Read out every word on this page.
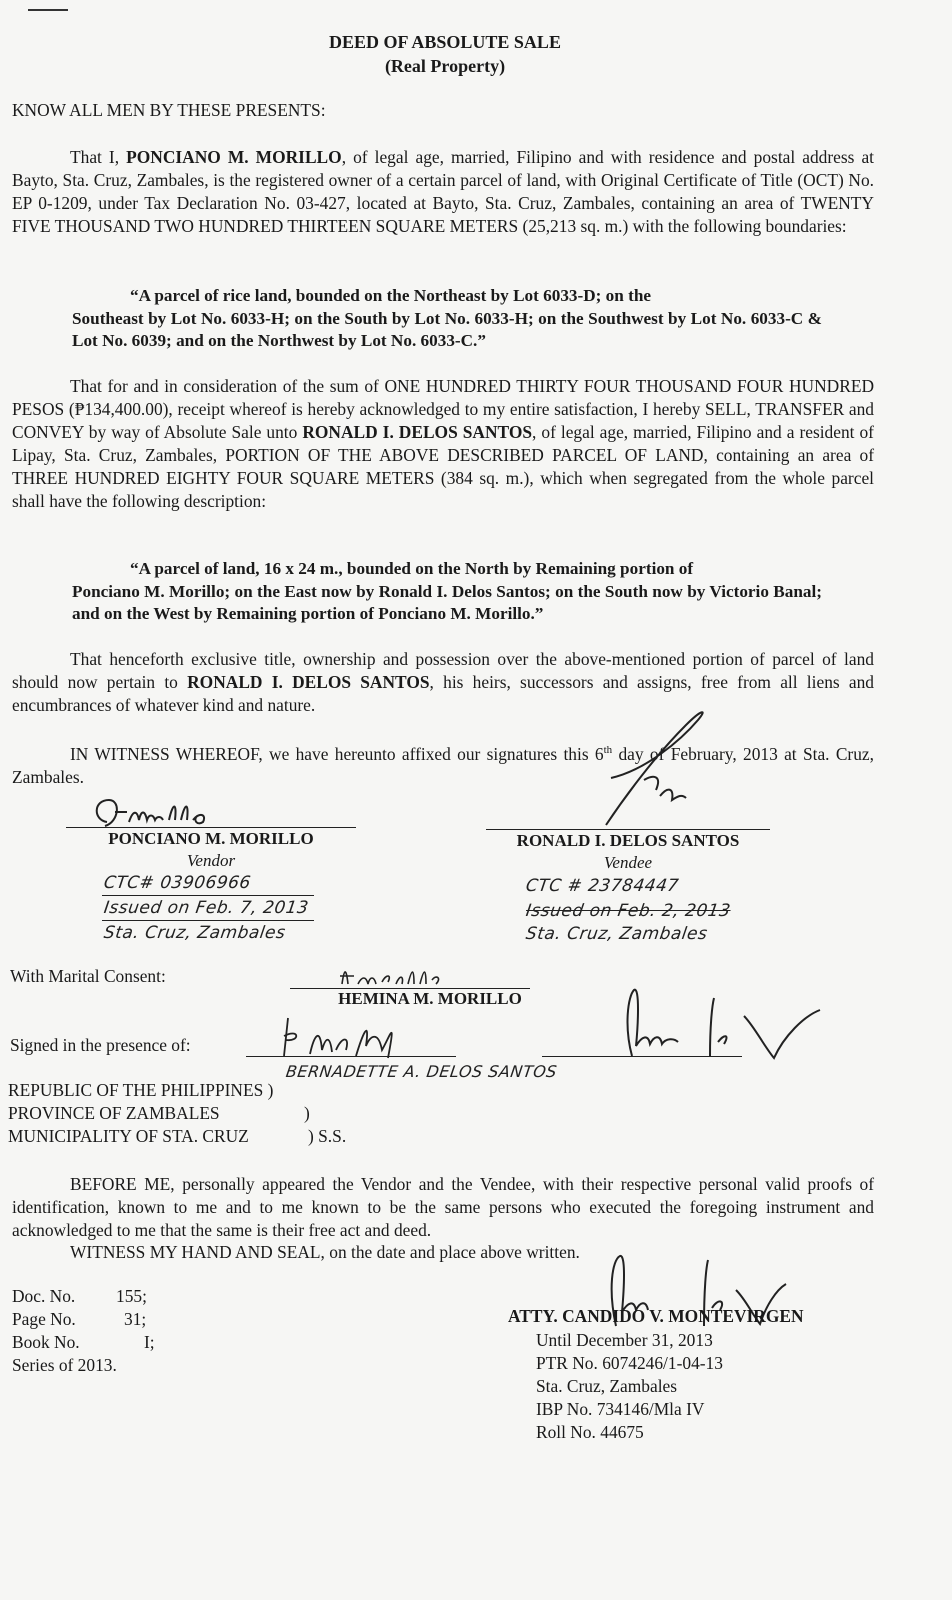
DEED OF ABSOLUTE SALE
(Real Property)
KNOW ALL MEN BY THESE PRESENTS:
That I, PONCIANO M. MORILLO, of legal age, married, Filipino and with residence and postal address at Bayto, Sta. Cruz, Zambales, is the registered owner of a certain parcel of land, with Original Certificate of Title (OCT) No. EP 0-1209, under Tax Declaration No. 03-427, located at Bayto, Sta. Cruz, Zambales, containing an area of TWENTY FIVE THOUSAND TWO HUNDRED THIRTEEN SQUARE METERS (25,213 sq. m.) with the following boundaries:
“A parcel of rice land, bounded on the Northeast by Lot 6033-D; on the
Southeast by Lot No. 6033-H; on the South by Lot No. 6033-H; on the Southwest by Lot No. 6033-C & Lot No. 6039; and on the Northwest by Lot No. 6033-C.”
That for and in consideration of the sum of ONE HUNDRED THIRTY FOUR THOUSAND FOUR HUNDRED PESOS (₱134,400.00), receipt whereof is hereby acknowledged to my entire satisfaction, I hereby SELL, TRANSFER and CONVEY by way of Absolute Sale unto RONALD I. DELOS SANTOS, of legal age, married, Filipino and a resident of Lipay, Sta. Cruz, Zambales, PORTION OF THE ABOVE DESCRIBED PARCEL OF LAND, containing an area of THREE HUNDRED EIGHTY FOUR SQUARE METERS (384 sq. m.), which when segregated from the whole parcel shall have the following description:
“A parcel of land, 16 x 24 m., bounded on the North by Remaining portion of
Ponciano M. Morillo; on the East now by Ronald I. Delos Santos; on the South now by Victorio Banal; and on the West by Remaining portion of Ponciano M. Morillo.”
That henceforth exclusive title, ownership and possession over the above-mentioned portion of parcel of land should now pertain to RONALD I. DELOS SANTOS, his heirs, successors and assigns, free from all liens and encumbrances of whatever kind and nature.
IN WITNESS WHEREOF, we have hereunto affixed our signatures this 6th day of February, 2013 at Sta. Cruz, Zambales.
PONCIANO M. MORILLO
Vendor
CTC# 03906966
Issued on Feb. 7, 2013
Sta. Cruz, Zambales
RONALD I. DELOS SANTOS
Vendee
CTC # 23784447
Issued on Feb. 2, 2013
Sta. Cruz, Zambales
With Marital Consent:
HEMINA M. MORILLO
Signed in the presence of:
BERNADETTE A. DELOS SANTOS
REPUBLIC OF THE PHILIPPINES )
PROVINCE OF ZAMBALES	)
MUNICIPALITY OF STA. CRUZ	) S.S.
BEFORE ME, personally appeared the Vendor and the Vendee, with their respective personal valid proofs of identification, known to me and to me known to be the same persons who executed the foregoing instrument and acknowledged to me that the same is their free act and deed.
WITNESS MY HAND AND SEAL, on the date and place above written.
Doc. No. 155;
Page No.	31;
Book No.	I;
Series of 2013.
ATTY. CANDIDO V. MONTEVIRGEN
Until December 31, 2013
PTR No. 6074246/1-04-13
Sta. Cruz, Zambales
IBP No. 734146/Mla IV
Roll No. 44675
